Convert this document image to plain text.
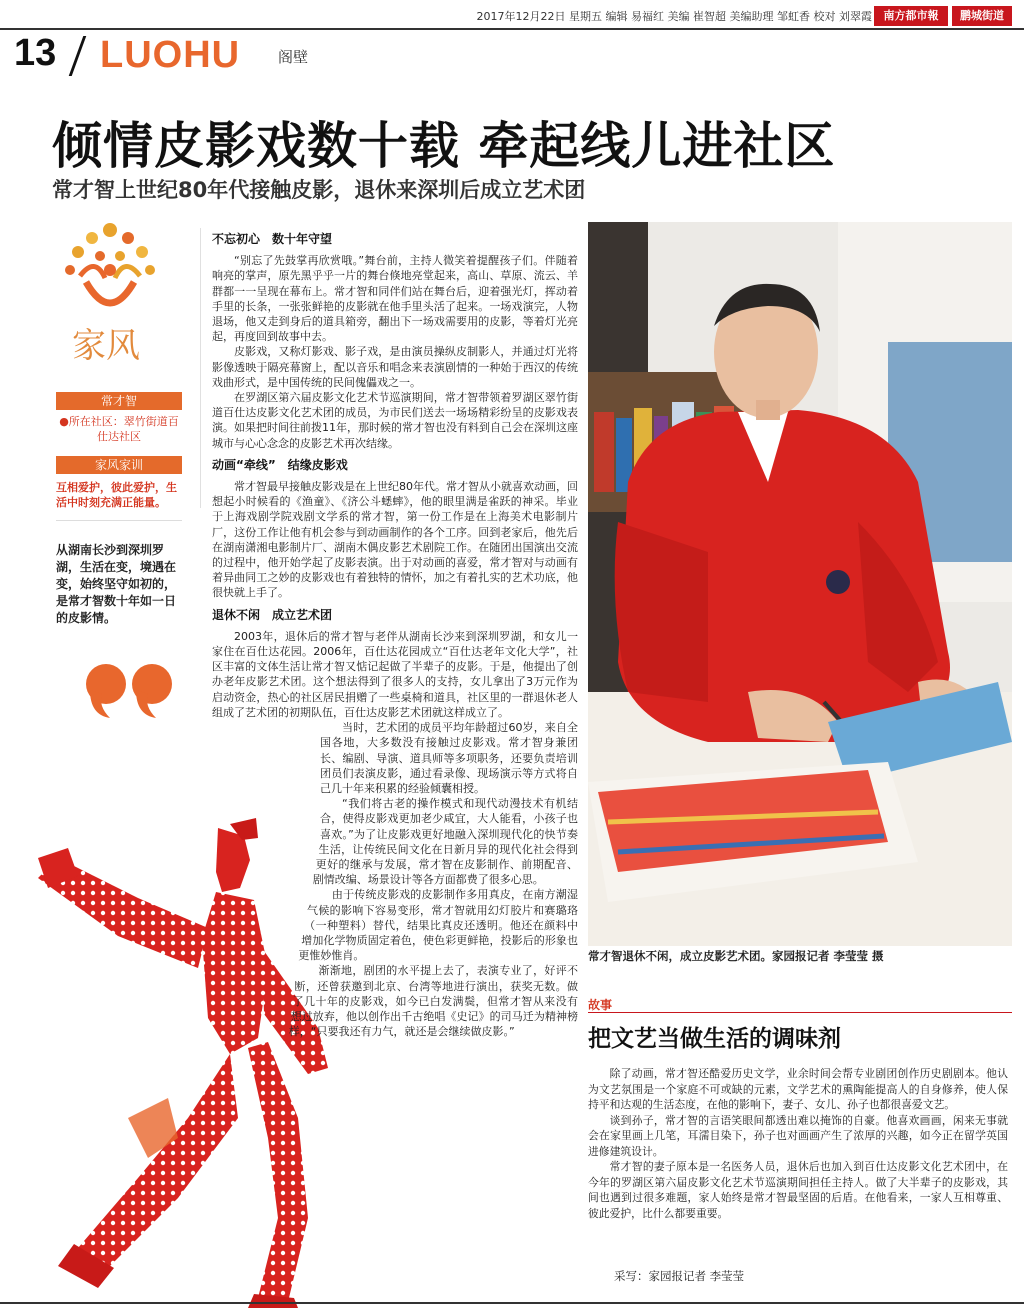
2017年12月22日 星期五 编辑 易福红 美编 崔智超 美编助理 邹虹香 校对 刘翠霞	南方都市報	鹏城街道
13 LUOHU	阁壁
倾情皮影戏数十载 牵起线儿进社区
常才智上世纪80年代接触皮影，退休来深圳后成立艺术团
家风
常才智
●所在社区：翠竹街道百仕达社区
家风家训
互相爱护，彼此爱护，生活中时刻充满正能量。
从湖南长沙到深圳罗湖，生活在变，境遇在变，始终坚守如初的，是常才智数十年如一日的皮影情。
不忘初心　数十年守望

“别忘了先鼓掌再欣赏哦。”舞台前，主持人微笑着提醒孩子们。伴随着响亮的掌声，原先黑乎乎一片的舞台倏地亮堂起来，高山、草原、流云、羊群都一一呈现在幕布上。常才智和同伴们站在舞台后，迎着强光灯，挥动着手里的长条，一张张鲜艳的皮影就在他手里头活了起来。一场戏演完，人物退场，他又走到身后的道具箱旁，翻出下一场戏需要用的皮影，等着灯光亮起，再度回到故事中去。

皮影戏，又称灯影戏、影子戏，是由演员操纵皮制影人，并通过灯光将影像透映于隔亮幕窗上，配以音乐和唱念来表演剧情的一种始于西汉的传统戏曲形式，是中国传统的民间傀儡戏之一。

在罗湖区第六届皮影文化艺术节巡演期间，常才智带领着罗湖区翠竹街道百仕达皮影文化艺术团的成员，为市民们送去一场场精彩纷呈的皮影戏表演。如果把时间往前拨11年，那时候的常才智也没有料到自己会在深圳这座城市与心心念念的皮影艺术再次结缘。

动画“牵线”　结缘皮影戏

常才智最早接触皮影戏是在上世纪80年代。常才智从小就喜欢动画，回想起小时候看的《渔童》、《济公斗蟋蟀》，他的眼里满是雀跃的神采。毕业于上海戏剧学院戏剧文学系的常才智，第一份工作是在上海美术电影制片厂，这份工作让他有机会参与到动画制作的各个工序。回到老家后，他先后在湖南潇湘电影制片厂、湖南木偶皮影艺术剧院工作。在随团出国演出交流的过程中，他开始学起了皮影表演。出于对动画的喜爱，常才智对与动画有着异曲同工之妙的皮影戏也有着独特的情怀，加之有着扎实的艺术功底，他很快就上手了。

退休不闲　成立艺术团

2003年，退休后的常才智与老伴从湖南长沙来到深圳罗湖，和女儿一家住在百仕达花园。2006年，百仕达花园成立“百仕达老年文化大学”，社区丰富的文体生活让常才智又惦记起做了半辈子的皮影。于是，他提出了创办老年皮影艺术团。这个想法得到了很多人的支持，女儿拿出了3万元作为启动资金，热心的社区居民捐赠了一些桌椅和道具，社区里的一群退休老人组成了艺术团的初期队伍，百仕达皮影艺术团就这样成立了。

当时，艺术团的成员平均年龄超过60岁，来自全国各地，大多数没有接触过皮影戏。常才智身兼团长、编剧、导演、道具师等多项职务，还要负责培训团员们表演皮影，通过看录像、现场演示等方式将自己几十年来积累的经验倾囊相授。

“我们将古老的操作模式和现代动漫技术有机结合，使得皮影戏更加老少咸宜，大人能看，小孩子也喜欢。”为了让皮影戏更好地融入深圳现代化的快节奏生活，让传统民间文化在日新月异的现代化社会得到更好的继承与发展，常才智在皮影制作、前期配音、剧情改编、场景设计等各方面都费了很多心思。

由于传统皮影戏的皮影制作多用真皮，在南方潮湿气候的影响下容易变形，常才智就用幻灯胶片和赛璐珞（一种塑料）替代，结果比真皮还透明。他还在颜料中增加化学物质固定着色，使色彩更鲜艳，投影后的形象也更惟妙惟肖。

渐渐地，剧团的水平提上去了，表演专业了，好评不断，还曾获邀到北京、台湾等地进行演出，获奖无数。做了几十年的皮影戏，如今已白发满鬓，但常才智从来没有想过放弃，他以创作出千古绝唱《史记》的司马迁为精神榜样，“只要我还有力气，就还是会继续做皮影。”

常才智退休不闲，成立皮影艺术团。家园报记者 李莹莹 摄
故事
把文艺当做生活的调味剂

除了动画，常才智还酷爱历史文学，业余时间会帮专业剧团创作历史剧剧本。他认为文艺氛围是一个家庭不可或缺的元素，文学艺术的熏陶能提高人的自身修养，使人保持平和达观的生活态度，在他的影响下，妻子、女儿、孙子也都很喜爱文艺。

谈到孙子，常才智的言语笑眼间都透出难以掩饰的自豪。他喜欢画画，闲来无事就会在家里画上几笔，耳濡目染下，孙子也对画画产生了浓厚的兴趣，如今正在留学英国进修建筑设计。

常才智的妻子原本是一名医务人员，退休后也加入到百仕达皮影文化艺术团中，在今年的罗湖区第六届皮影文化艺术节巡演期间担任主持人。做了大半辈子的皮影戏，其间也遇到过很多难题，家人始终是常才智最坚固的后盾。在他看来，一家人互相尊重、彼此爱护，比什么都要重要。

采写：家园报记者 李莹莹
